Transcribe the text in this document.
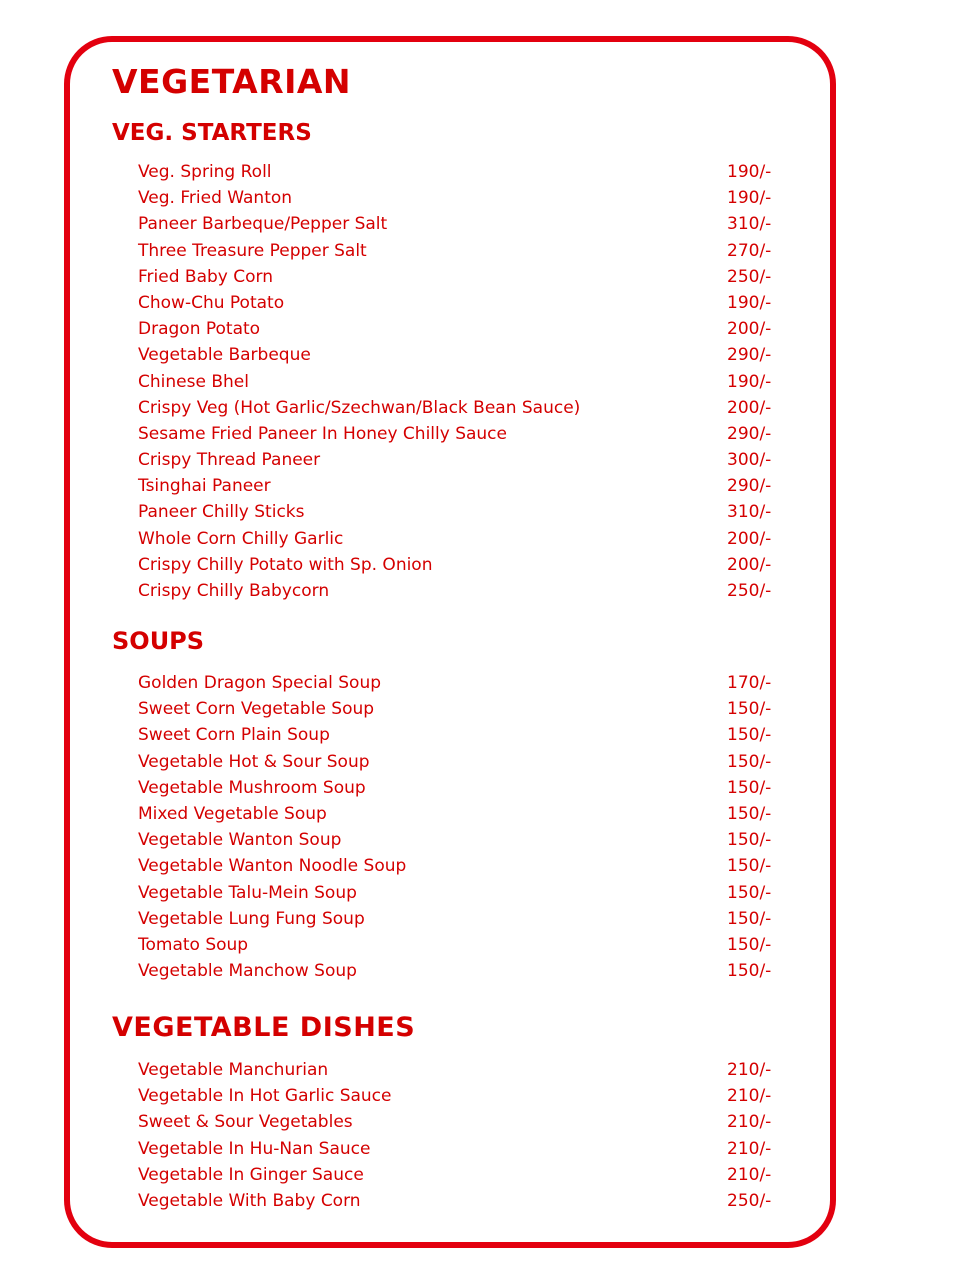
VEGETARIAN
VEG. STARTERS
Veg. Spring Roll	190/-
Veg. Fried Wanton	190/-
Paneer Barbeque/Pepper Salt	310/-
Three Treasure Pepper Salt	270/-
Fried Baby Corn	250/-
Chow-Chu Potato	190/-
Dragon Potato	200/-
Vegetable Barbeque	290/-
Chinese Bhel	190/-
Crispy Veg (Hot Garlic/Szechwan/Black Bean Sauce)	200/-
Sesame Fried Paneer In Honey Chilly Sauce	290/-
Crispy Thread Paneer	300/-
Tsinghai Paneer	290/-
Paneer Chilly Sticks	310/-
Whole Corn Chilly Garlic	200/-
Crispy Chilly Potato with Sp. Onion	200/-
Crispy Chilly Babycorn	250/-
SOUPS
Golden Dragon Special Soup	170/-
Sweet Corn Vegetable Soup	150/-
Sweet Corn Plain Soup	150/-
Vegetable Hot & Sour Soup	150/-
Vegetable Mushroom Soup	150/-
Mixed Vegetable Soup	150/-
Vegetable Wanton Soup	150/-
Vegetable Wanton Noodle Soup	150/-
Vegetable Talu-Mein Soup	150/-
Vegetable Lung Fung Soup	150/-
Tomato Soup	150/-
Vegetable Manchow Soup	150/-
VEGETABLE DISHES
Vegetable Manchurian	210/-
Vegetable In Hot Garlic Sauce	210/-
Sweet & Sour Vegetables	210/-
Vegetable In Hu-Nan Sauce	210/-
Vegetable In Ginger Sauce	210/-
Vegetable With Baby Corn	250/-
